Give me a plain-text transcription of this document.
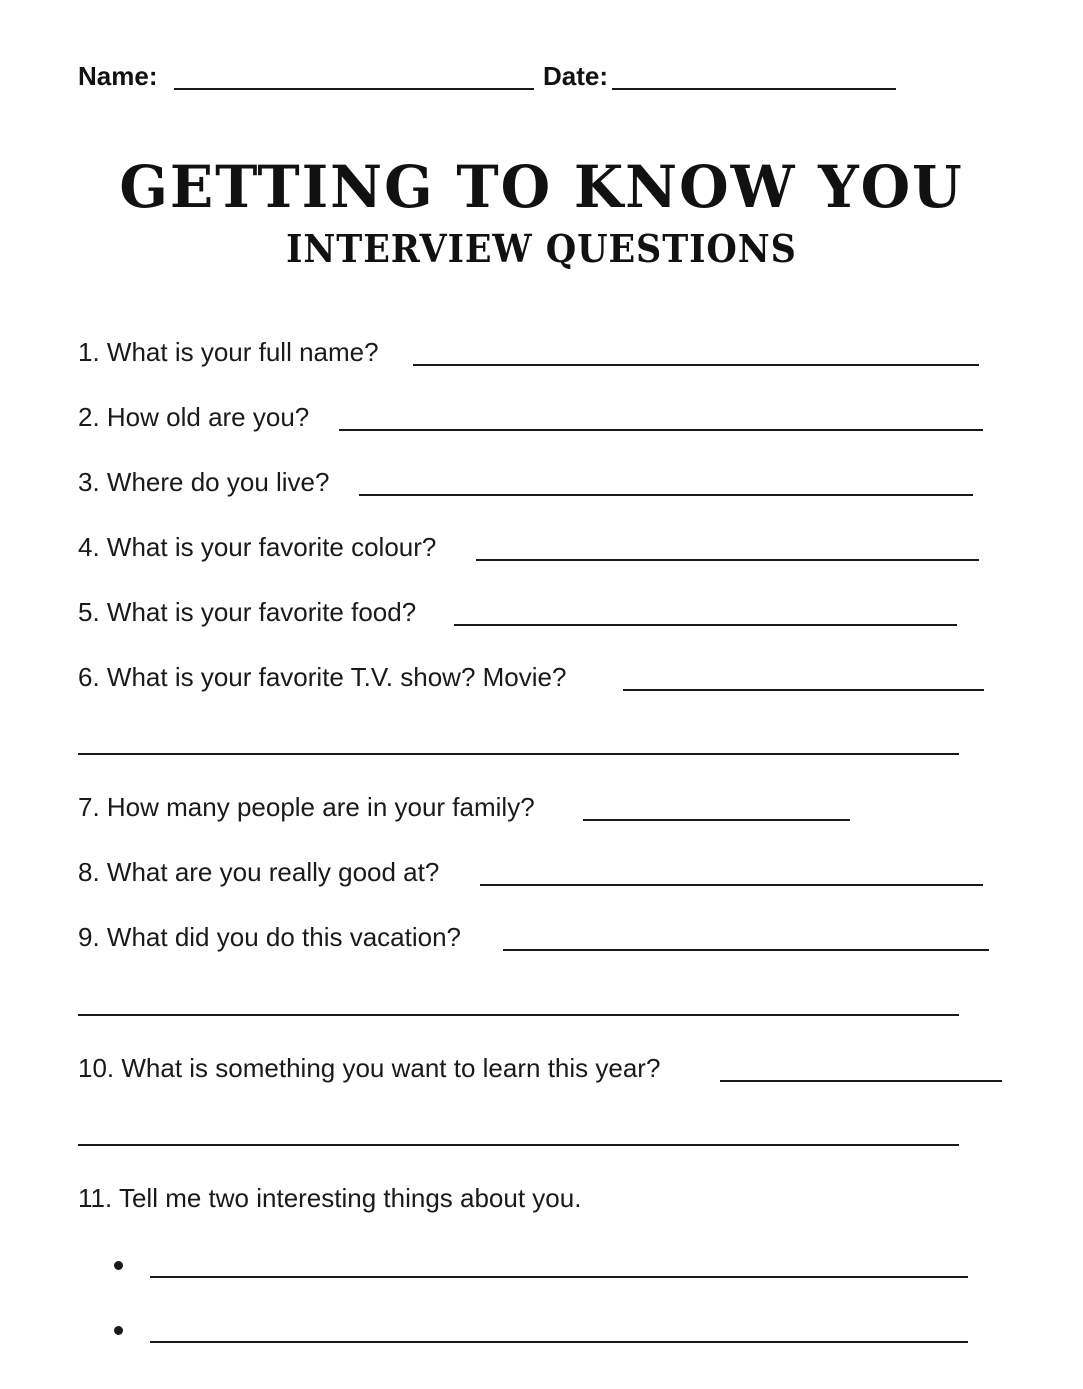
Name:	Date:
GETTING TO KNOW YOU
INTERVIEW QUESTIONS
1. What is your full name?
2. How old are you?
3. Where do you live?
4. What is your favorite colour?
5. What is your favorite food?
6. What is your favorite T.V. show? Movie?
7. How many people are in your family?
8. What are you really good at?
9. What did you do this vacation?
10. What is something you want to learn this year?
11. Tell me two interesting things about you.
